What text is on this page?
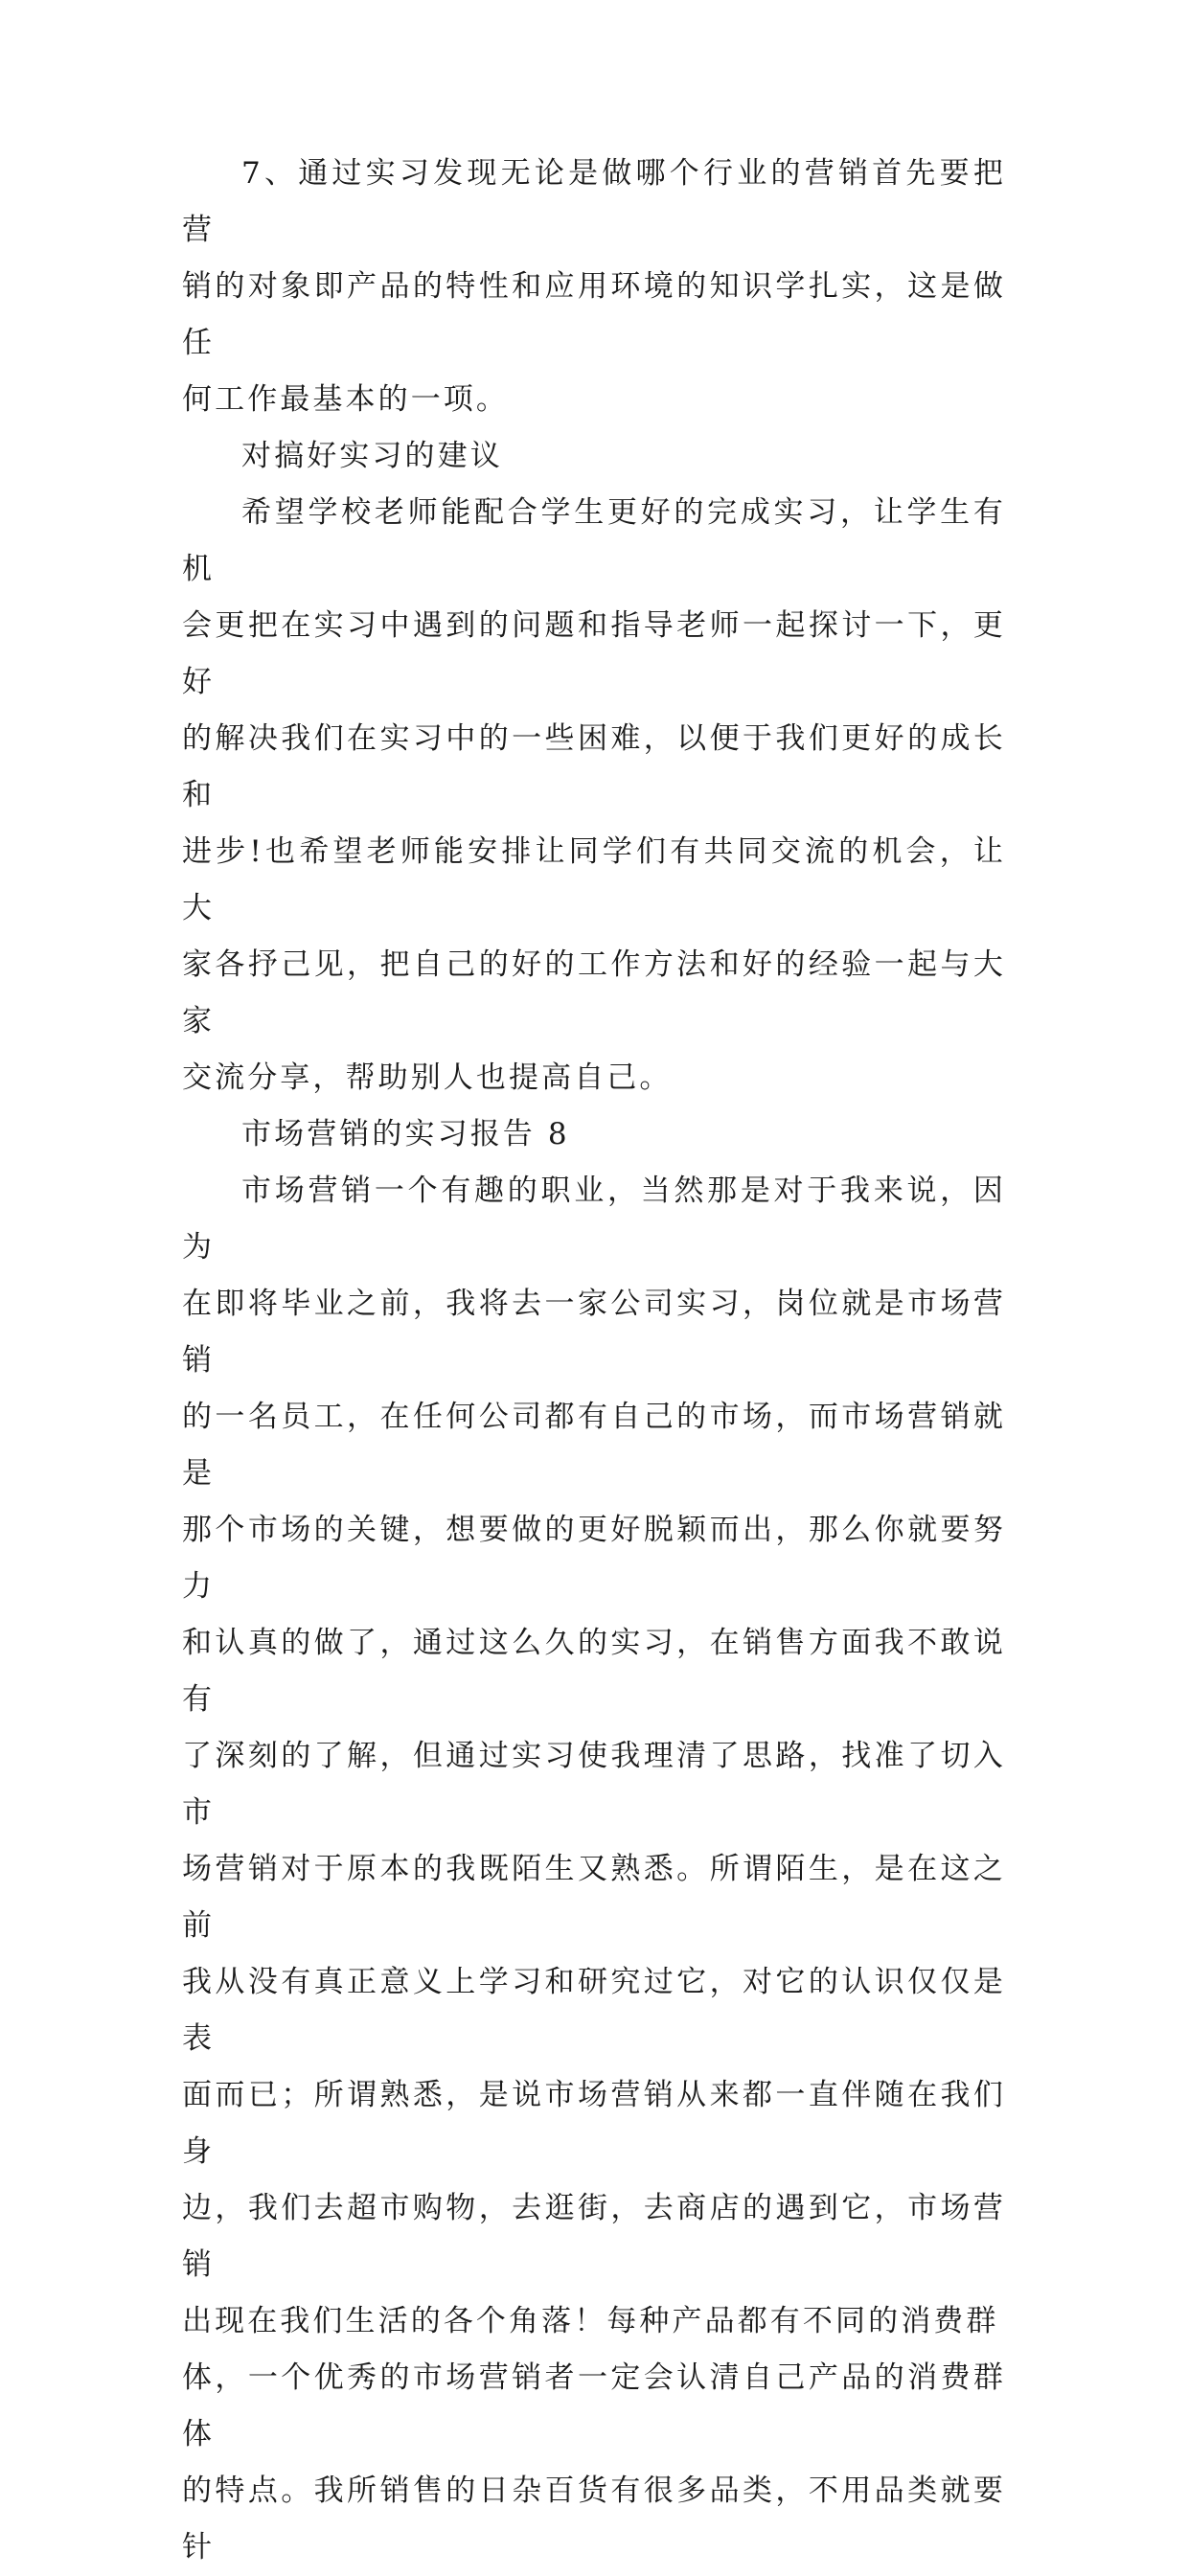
7、通过实习发现无论是做哪个行业的营销首先要把营
销的对象即产品的特性和应用环境的知识学扎实，这是做任
何工作最基本的一项。

对搞好实习的建议

希望学校老师能配合学生更好的完成实习，让学生有机
会更把在实习中遇到的问题和指导老师一起探讨一下，更好
的解决我们在实习中的一些困难，以便于我们更好的成长和
进步!也希望老师能安排让同学们有共同交流的机会，让大
家各抒己见，把自己的好的工作方法和好的经验一起与大家
交流分享，帮助别人也提高自己。

市场营销的实习报告 8

市场营销一个有趣的职业，当然那是对于我来说，因为
在即将毕业之前，我将去一家公司实习，岗位就是市场营销
的一名员工，在任何公司都有自己的市场，而市场营销就是
那个市场的关键，想要做的更好脱颖而出，那么你就要努力
和认真的做了，通过这么久的实习，在销售方面我不敢说有
了深刻的了解，但通过实习使我理清了思路，找准了切入市
场营销对于原本的我既陌生又熟悉。所谓陌生，是在这之前
我从没有真正意义上学习和研究过它，对它的认识仅仅是表
面而已；所谓熟悉，是说市场营销从来都一直伴随在我们身
边，我们去超市购物，去逛街，去商店的遇到它，市场营销
出现在我们生活的各个角落！每种产品都有不同的消费群
体，一个优秀的市场营销者一定会认清自己产品的消费群体
的特点。我所销售的日杂百货有很多品类，不用品类就要针
